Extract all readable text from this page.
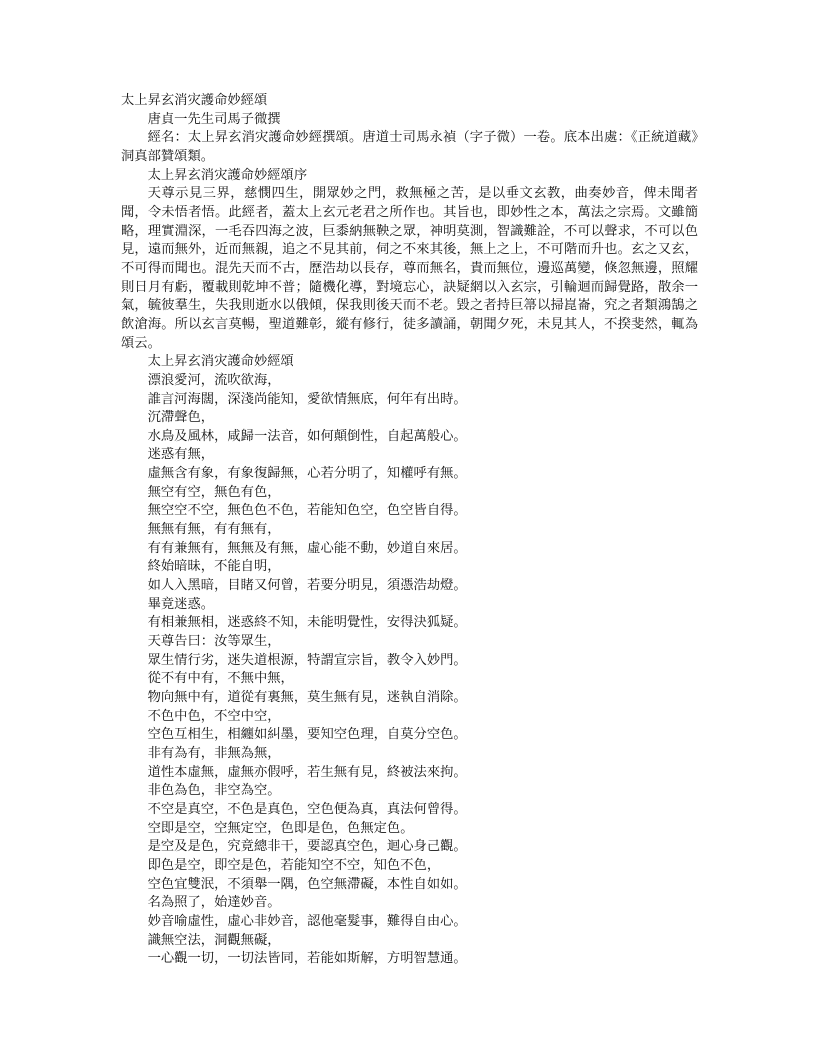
太上昇玄消灾護命妙經頌
唐貞一先生司馬子微撰
經名：太上昇玄消灾護命妙經撰頌。唐道士司馬永禎（字子微）一卷。底本出處：《正統道藏》洞真部贊頌類。
太上昇玄消灾護命妙經頌序
天尊示見三界，慈憫四生，開眾妙之門，救無極之苦，是以垂文玄教，曲奏妙音，俾未聞者聞，令未悟者悟。此經者，蓋太上玄元老君之所作也。其旨也，即妙性之本，萬法之宗焉。文雖簡略，理實淵深，一毛吞四海之波，巨黍納無鞅之眾，神明莫測，智識難詮，不可以聲求，不可以色見，遠而無外，近而無親，追之不見其前，伺之不來其後，無上之上，不可階而升也。玄之又玄，不可得而聞也。混先天而不古，歷浩劫以長存，尊而無名，貴而無位，邊巡萬變，倏忽無邊，照耀則日月有虧，覆載則乾坤不普；隨機化導，對境忘心，訣疑網以入玄宗，引輪迴而歸覺路，散余一氣，毓彼羣生，失我則逝水以俄傾，保我則後天而不老。毀之者持巨箒以掃崑崙，究之者類鴻鵠之飲滄海。所以玄言莫暢，聖道難彰，縱有修行，徒多讀誦，朝聞夕死，未見其人，不揆斐然，輒為頌云。
太上昇玄消灾護命妙經頌
漂浪愛河，流吹欲海，
誰言河海闊，深淺尚能知，愛欲情無底，何年有出時。
沉滯聲色，
水鳥及風林，咸歸一法音，如何顛倒性，自起萬般心。
迷惑有無，
虛無含有象，有象復歸無，心若分明了，知權呼有無。
無空有空，無色有色，
無空空不空，無色色不色，若能知色空，色空皆自得。
無無有無，有有無有，
有有兼無有，無無及有無，虛心能不動，妙道自來居。
終始暗昧，不能自明，
如人入黑暗，目睹又何曾，若要分明見，須憑浩劫燈。
畢竟迷惑。
有相兼無相，迷惑終不知，未能明覺性，安得決狐疑。
天尊告曰：汝等眾生，
眾生情行劣，迷失道根源，特謂宣宗旨，教令入妙門。
從不有中有，不無中無，
物向無中有，道從有裏無，莫生無有見，迷執自消除。
不色中色，不空中空，
空色互相生，相纏如糾墨，要知空色理，自莫分空色。
非有為有，非無為無，
道性本虛無，虛無亦假呼，若生無有見，終被法來拘。
非色為色，非空為空。
不空是真空，不色是真色，空色便為真，真法何曾得。
空即是空，空無定空，色即是色，色無定色。
是空及是色，究竟總非干，要認真空色，迴心身己觀。
即色是空，即空是色，若能知空不空，知色不色，
空色宜雙泯，不須舉一隅，色空無滯礙，本性自如如。
名為照了，始達妙音。
妙音喻虛性，虛心非妙音，認他毫髮事，難得自由心。
識無空法，洞觀無礙，
一心觀一切，一切法皆同，若能如斯解，方明智慧通。
